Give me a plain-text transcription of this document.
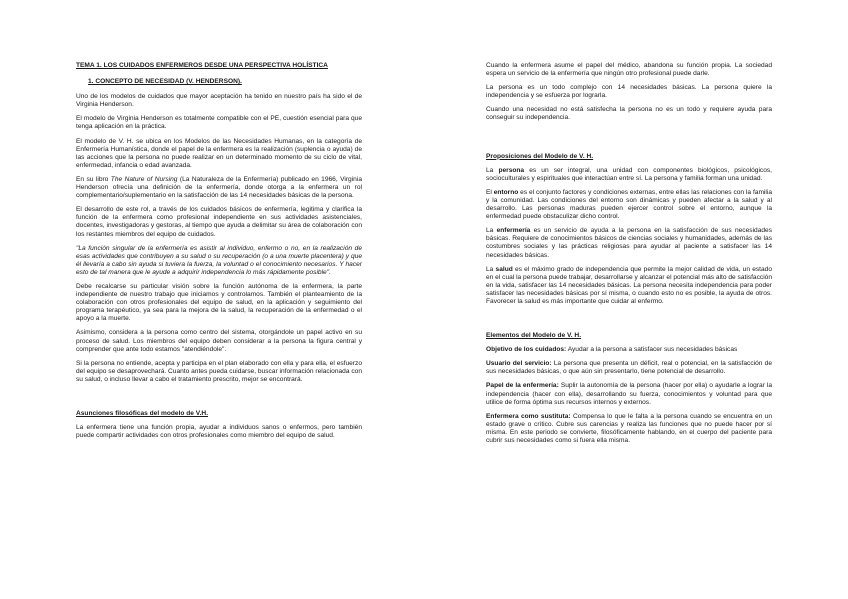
TEMA 1. LOS CUIDADOS ENFERMEROS DESDE UNA PERSPECTIVA HOLÍSTICA

1. CONCEPTO DE NECESIDAD (V. HENDERSON).

Uno de los modelos de cuidados que mayor aceptación ha tenido en nuestro país ha sido el de Virginia Henderson.

El modelo de Virginia Henderson es totalmente compatible con el PE, cuestión esencial para que tenga aplicación en la práctica.

El modelo de V. H. se ubica en los Modelos de las Necesidades Humanas, en la categoría de Enfermería Humanística, donde el papel de la enfermera es la realización (suplencia o ayuda) de las acciones que la persona no puede realizar en un determinado momento de su ciclo de vital, enfermedad, infancia o edad avanzada.

En su libro The Nature of Nursing (La Naturaleza de la Enfermería) publicado en 1966, Virginia Henderson ofrecía una definición de la enfermería, donde otorga a la enfermera un rol complementario/suplementario en la satisfacción de las 14 necesidades básicas de la persona.

El desarrollo de este rol, a través de los cuidados básicos de enfermería, legitima y clarifica la función de la enfermera como profesional independiente en sus actividades asistenciales, docentes, investigadoras y gestoras, al tiempo que ayuda a delimitar su área de colaboración con los restantes miembros del equipo de cuidados.

"La función singular de la enfermería es asistir al individuo, enfermo o no, en la realización de esas actividades que contribuyen a su salud o su recuperación (o a una muerte placentera) y que él llevaría a cabo sin ayuda si tuviera la fuerza, la voluntad o el conocimiento necesarios. Y hacer esto de tal manera que le ayude a adquirir independencia lo más rápidamente posible".

Debe recalcarse su particular visión sobre la función autónoma de la enfermera, la parte independiente de nuestro trabajo que iniciamos y controlamos. También el planteamiento de la colaboración con otros profesionales del equipo de salud, en la aplicación y seguimiento del programa terapéutico, ya sea para la mejora de la salud, la recuperación de la enfermedad o el apoyo a la muerte.

Asimismo, considera a la persona como centro del sistema, otorgándole un papel activo en su proceso de salud. Los miembros del equipo deben considerar a la persona la figura central y comprender que ante todo estamos "atendiéndole".

Si la persona no entiende, acepta y participa en el plan elaborado con ella y para ella, el esfuerzo del equipo se desaprovechará. Cuanto antes pueda cuidarse, buscar información relacionada con su salud, o incluso llevar a cabo el tratamiento prescrito, mejor se encontrará.

Asunciones filosóficas del modelo de V.H.

La enfermera tiene una función propia, ayudar a individuos sanos o enfermos, pero también puede compartir actividades con otros profesionales como miembro del equipo de salud.

Cuando la enfermera asume el papel del médico, abandona su función propia. La sociedad espera un servicio de la enfermería que ningún otro profesional puede darle.

La persona es un todo complejo con 14 necesidades básicas. La persona quiere la independencia y se esfuerza por lograrla.

Cuando una necesidad no está satisfecha la persona no es un todo y requiere ayuda para conseguir su independencia.

Proposiciones del Modelo de V. H.

La persona es un ser integral, una unidad con componentes biológicos, psicológicos, socioculturales y espirituales que interactúan entre sí. La persona y familia forman una unidad.

El entorno es el conjunto factores y condiciones externas, entre ellas las relaciones con la familia y la comunidad. Las condiciones del entorno son dinámicas y pueden afectar a la salud y al desarrollo. Las personas maduras pueden ejercer control sobre el entorno, aunque la enfermedad puede obstaculizar dicho control.

La enfermería es un servicio de ayuda a la persona en la satisfacción de sus necesidades básicas. Requiere de conocimientos básicos de ciencias sociales y humanidades, además de las costumbres sociales y las prácticas religiosas para ayudar al paciente a satisfacer las 14 necesidades básicas.

La salud es el máximo grado de independencia que permite la mejor calidad de vida, un estado en el cual la persona puede trabajar, desarrollarse y alcanzar el potencial más alto de satisfacción en la vida, satisfacer las 14 necesidades básicas. La persona necesita independencia para poder satisfacer las necesidades básicas por sí misma, o cuando esto no es posible, la ayuda de otros. Favorecer la salud es más importante que cuidar al enfermo.

Elementos del Modelo de V. H.

Objetivo de los cuidados: Ayudar a la persona a satisfacer sus necesidades básicas

Usuario del servicio: La persona que presenta un déficit, real o potencial, en la satisfacción de sus necesidades básicas, o que aún sin presentarlo, tiene potencial de desarrollo.

Papel de la enfermería: Suplir la autonomía de la persona (hacer por ella) o ayudarle a lograr la independencia (hacer con ella), desarrollando su fuerza, conocimientos y voluntad para que utilice de forma óptima sus recursos internos y externos.

Enfermera como sustituta: Compensa lo que le falta a la persona cuando se encuentra en un estado grave o crítico. Cubre sus carencias y realiza las funciones que no puede hacer por sí misma. En este periodo se convierte, filosóficamente hablando, en el cuerpo del paciente para cubrir sus necesidades como si fuera ella misma.
